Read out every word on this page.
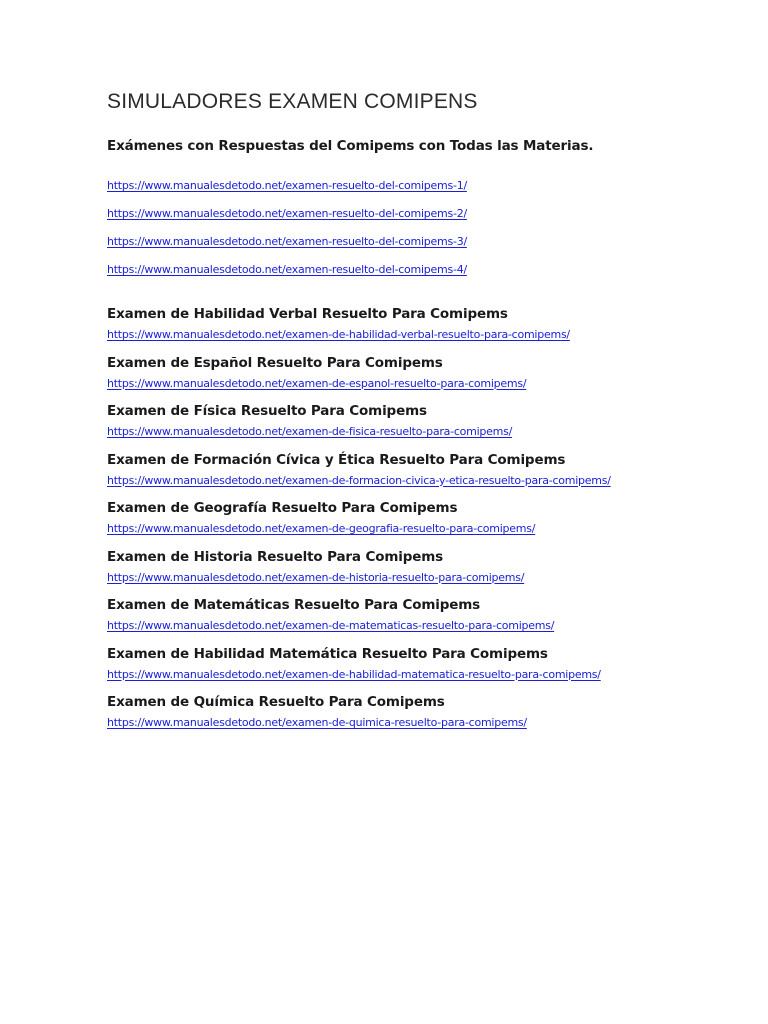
SIMULADORES EXAMEN COMIPENS

Exámenes con Respuestas del Comipems con Todas las Materias.

https://www.manualesdetodo.net/examen-resuelto-del-comipems-1/
https://www.manualesdetodo.net/examen-resuelto-del-comipems-2/
https://www.manualesdetodo.net/examen-resuelto-del-comipems-3/
https://www.manualesdetodo.net/examen-resuelto-del-comipems-4/
Examen de Habilidad Verbal Resuelto Para Comipems
https://www.manualesdetodo.net/examen-de-habilidad-verbal-resuelto-para-comipems/
Examen de Español Resuelto Para Comipems
https://www.manualesdetodo.net/examen-de-espanol-resuelto-para-comipems/
Examen de Física Resuelto Para Comipems
https://www.manualesdetodo.net/examen-de-fisica-resuelto-para-comipems/
Examen de Formación Cívica y Ética Resuelto Para Comipems
https://www.manualesdetodo.net/examen-de-formacion-civica-y-etica-resuelto-para-comipems/
Examen de Geografía Resuelto Para Comipems
https://www.manualesdetodo.net/examen-de-geografia-resuelto-para-comipems/
Examen de Historia Resuelto Para Comipems
https://www.manualesdetodo.net/examen-de-historia-resuelto-para-comipems/
Examen de Matemáticas Resuelto Para Comipems
https://www.manualesdetodo.net/examen-de-matematicas-resuelto-para-comipems/
Examen de Habilidad Matemática Resuelto Para Comipems
https://www.manualesdetodo.net/examen-de-habilidad-matematica-resuelto-para-comipems/
Examen de Química Resuelto Para Comipems
https://www.manualesdetodo.net/examen-de-quimica-resuelto-para-comipems/
